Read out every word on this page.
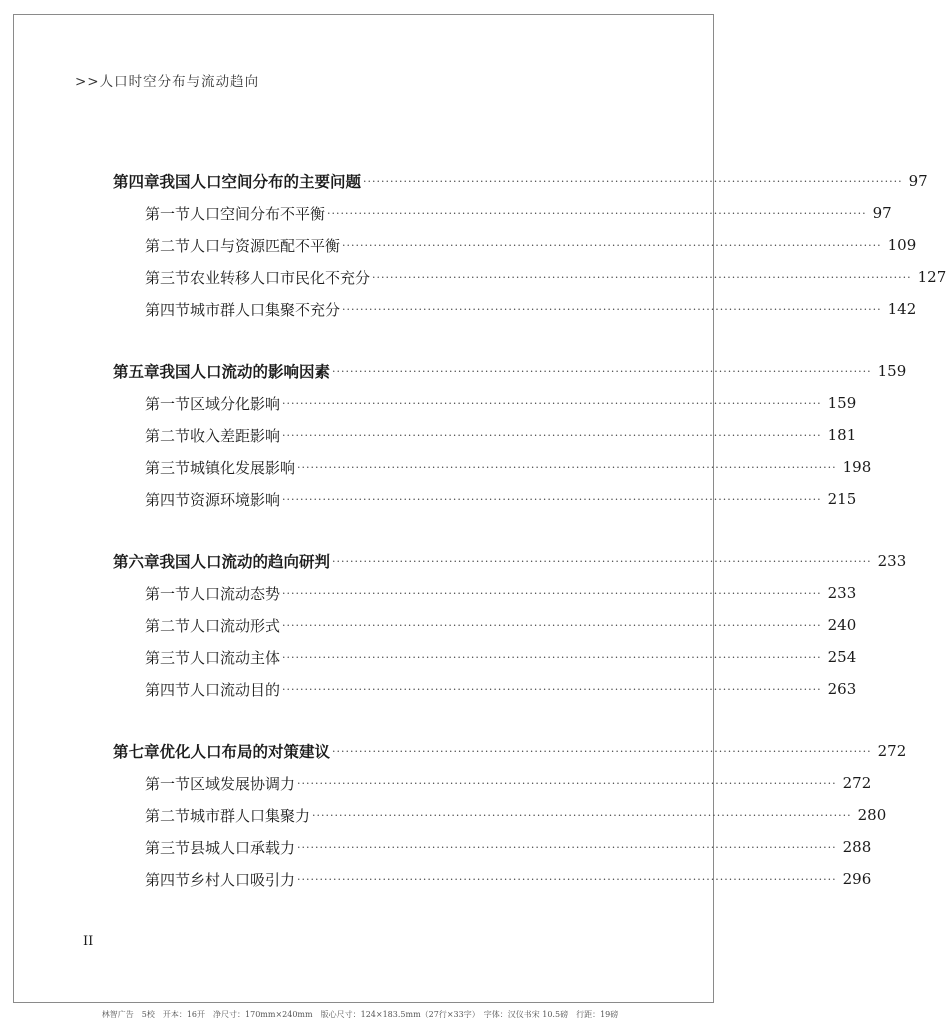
>>人口时空分布与流动趋向
第四章 我国人口空间分布的主要问题 ························································································································ 97
第一节 人口空间分布不平衡 ························································································································ 97
第二节 人口与资源匹配不平衡 ························································································································ 109
第三节 农业转移人口市民化不充分 ························································································································ 127
第四节 城市群人口集聚不充分 ························································································································ 142
第五章 我国人口流动的影响因素 ························································································································ 159
第一节 区域分化影响 ························································································································ 159
第二节 收入差距影响 ························································································································ 181
第三节 城镇化发展影响 ························································································································ 198
第四节 资源环境影响 ························································································································ 215
第六章 我国人口流动的趋向研判 ························································································································ 233
第一节 人口流动态势 ························································································································ 233
第二节 人口流动形式 ························································································································ 240
第三节 人口流动主体 ························································································································ 254
第四节 人口流动目的 ························································································································ 263
第七章 优化人口布局的对策建议 ························································································································ 272
第一节 区域发展协调力 ························································································································ 272
第二节 城市群人口集聚力 ························································································································ 280
第三节 县城人口承载力 ························································································································ 288
第四节 乡村人口吸引力 ························································································································ 296
II
林智广告　5校　开本：16开　净尺寸：170mm×240mm　版心尺寸：124×183.5mm（27行×33字）　字体：汉仪书宋 10.5磅　行距：19磅
